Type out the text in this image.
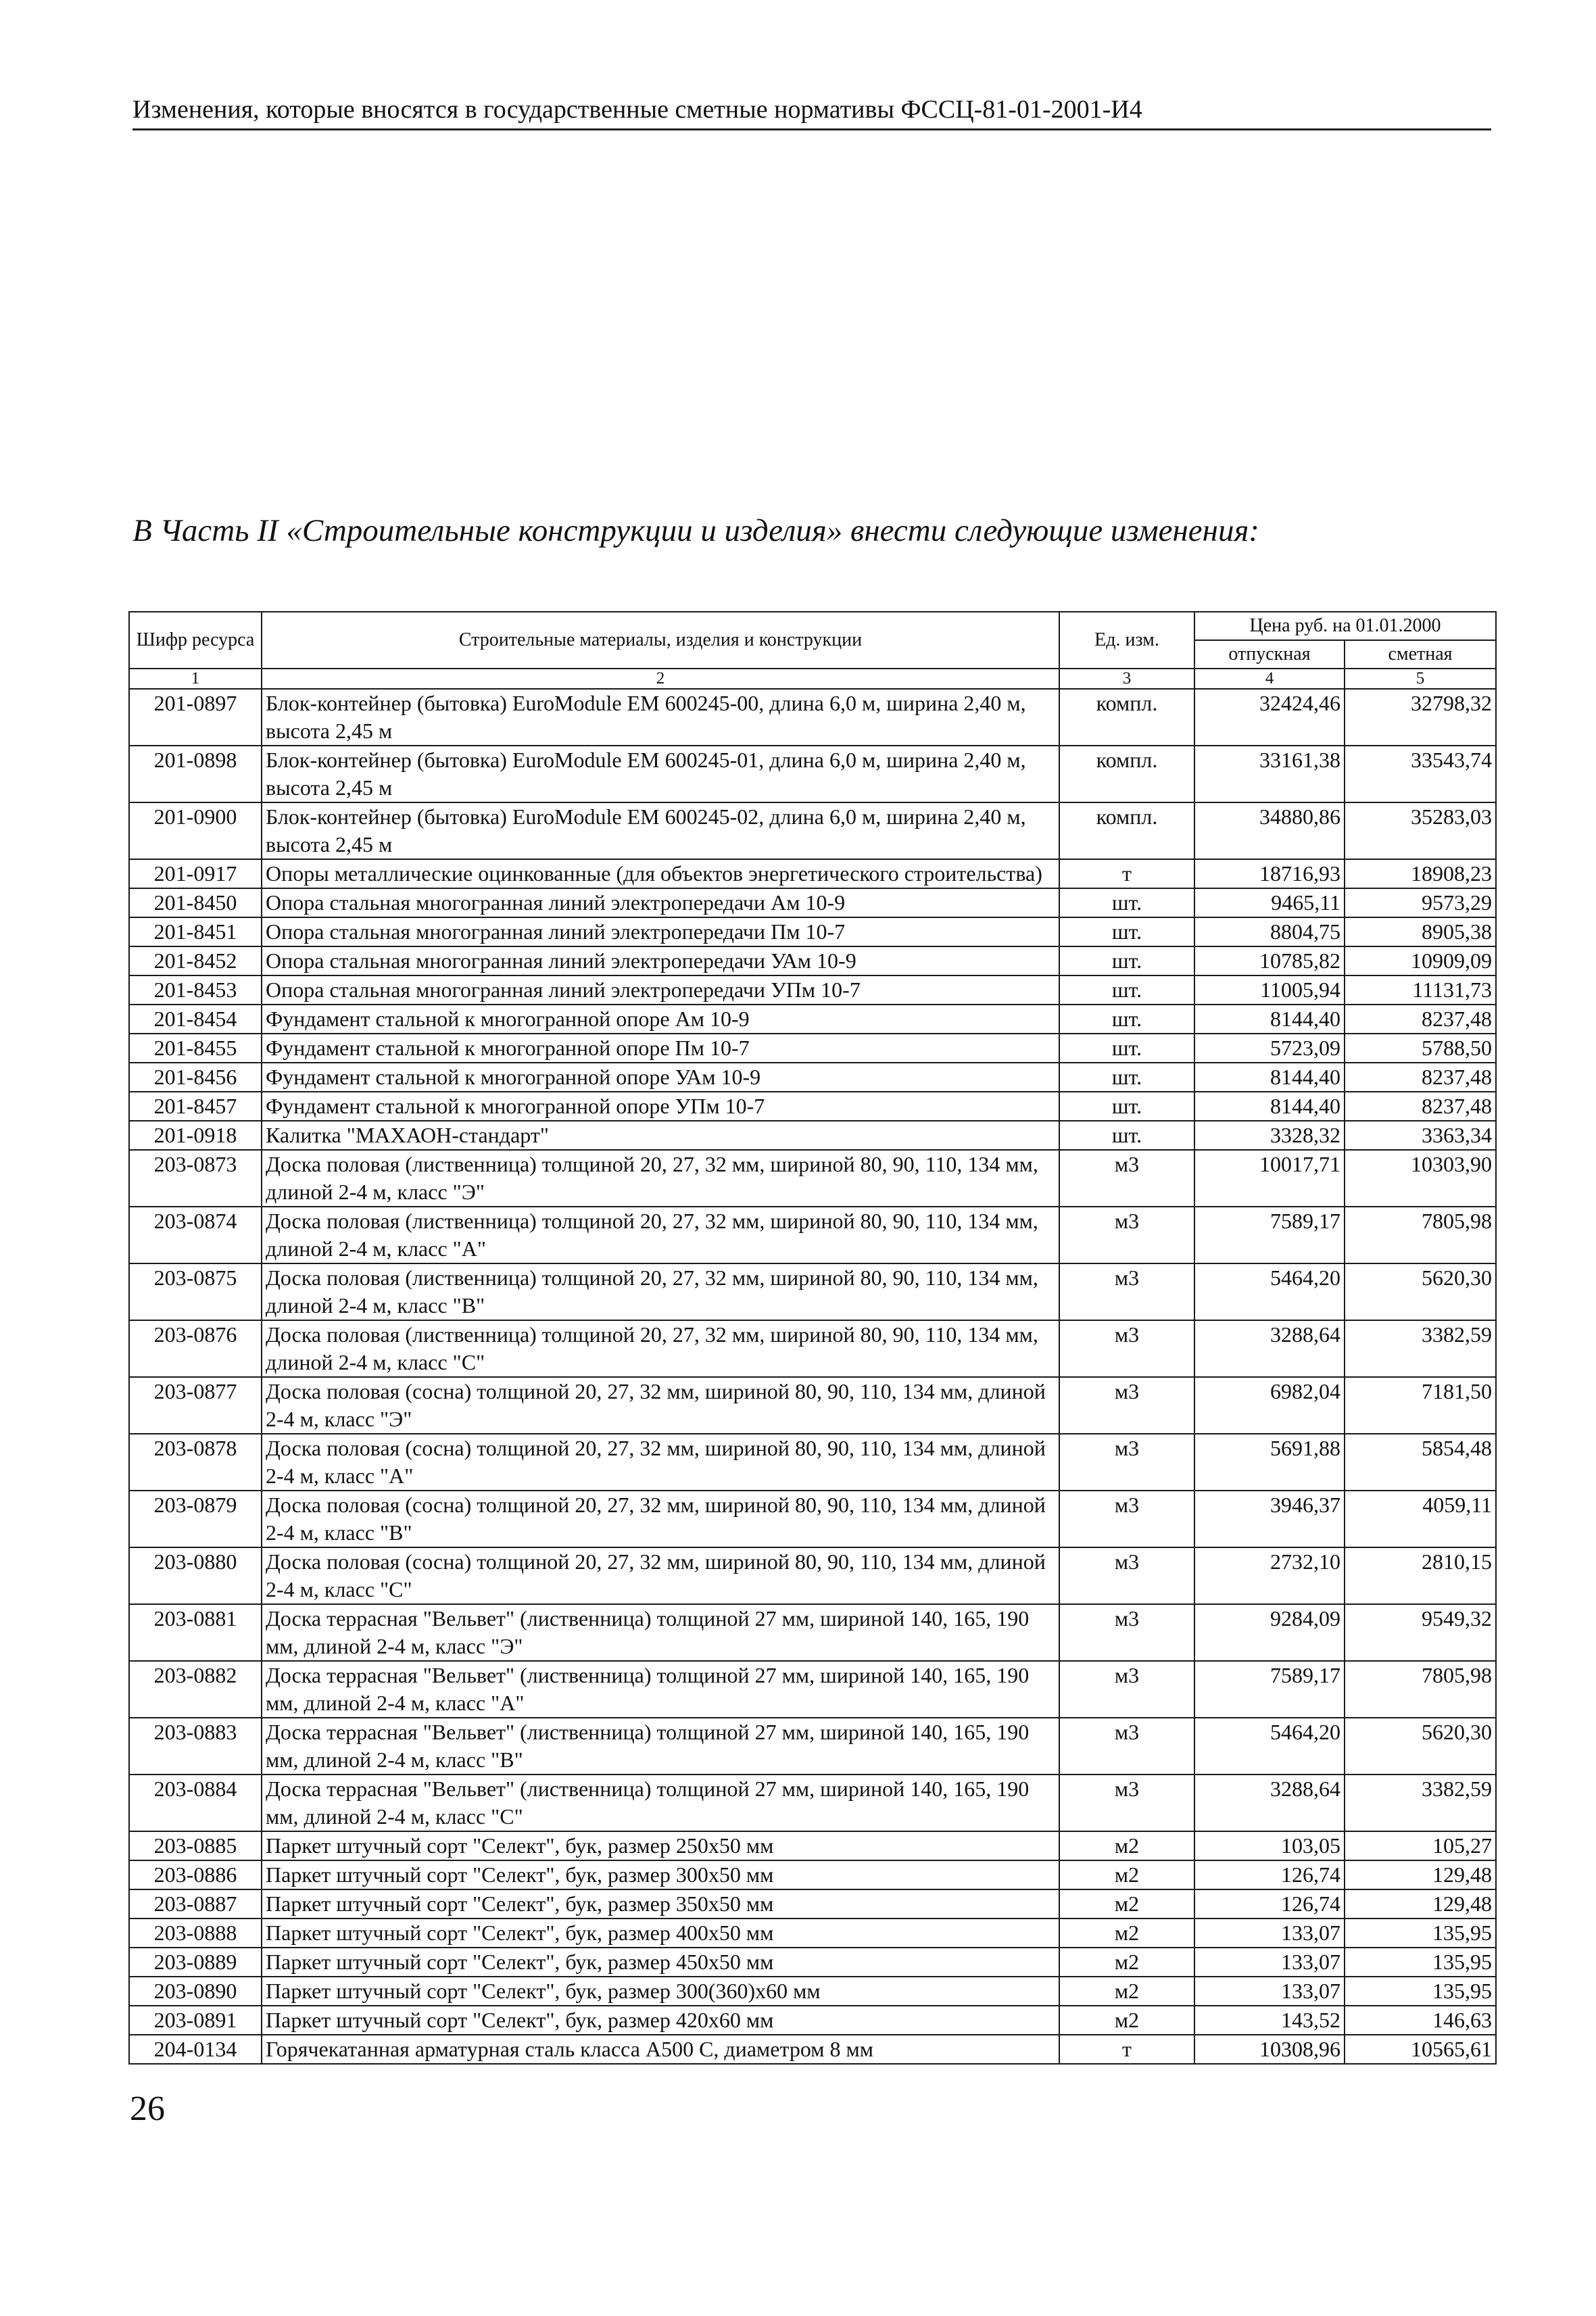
Изменения, которые вносятся в государственные сметные нормативы ФССЦ-81-01-2001-И4
В Часть II «Строительные конструкции и изделия» внести следующие изменения:
Шифр ресурса	Строительные материалы, изделия и конструкции	Ед. изм.	Цена руб. на 01.01.2000	
			отпускная	сметная
1	2	3	4	5
201-0897	Блок-контейнер (бытовка) EuroModule EM 600245-00, длина 6,0 м, ширина 2,40 м, высота 2,45 м	компл.	32424,46	32798,32
201-0898	Блок-контейнер (бытовка) EuroModule EM 600245-01, длина 6,0 м, ширина 2,40 м, высота 2,45 м	компл.	33161,38	33543,74
201-0900	Блок-контейнер (бытовка) EuroModule EM 600245-02, длина 6,0 м, ширина 2,40 м, высота 2,45 м	компл.	34880,86	35283,03
201-0917	Опоры металлические оцинкованные (для объектов энергетического строительства)	т	18716,93	18908,23
201-8450	Опора стальная многогранная линий электропередачи Ам 10-9	шт.	9465,11	9573,29
201-8451	Опора стальная многогранная линий электропередачи Пм 10-7	шт.	8804,75	8905,38
201-8452	Опора стальная многогранная линий электропередачи УАм 10-9	шт.	10785,82	10909,09
201-8453	Опора стальная многогранная линий электропередачи УПм 10-7	шт.	11005,94	11131,73
201-8454	Фундамент стальной к многогранной опоре Ам 10-9	шт.	8144,40	8237,48
201-8455	Фундамент стальной к многогранной опоре Пм 10-7	шт.	5723,09	5788,50
201-8456	Фундамент стальной к многогранной опоре УАм 10-9	шт.	8144,40	8237,48
201-8457	Фундамент стальной к многогранной опоре УПм 10-7	шт.	8144,40	8237,48
201-0918	Калитка "МАХАОН-стандарт"	шт.	3328,32	3363,34
203-0873	Доска половая (лиственница) толщиной 20, 27, 32 мм, шириной 80, 90, 110, 134 мм, длиной 2-4 м, класс "Э"	м3	10017,71	10303,90
203-0874	Доска половая (лиственница) толщиной 20, 27, 32 мм, шириной 80, 90, 110, 134 мм, длиной 2-4 м, класс "А"	м3	7589,17	7805,98
203-0875	Доска половая (лиственница) толщиной 20, 27, 32 мм, шириной 80, 90, 110, 134 мм, длиной 2-4 м, класс "В"	м3	5464,20	5620,30
203-0876	Доска половая (лиственница) толщиной 20, 27, 32 мм, шириной 80, 90, 110, 134 мм, длиной 2-4 м, класс "С"	м3	3288,64	3382,59
203-0877	Доска половая (сосна) толщиной 20, 27, 32 мм, шириной 80, 90, 110, 134 мм, длиной 2-4 м, класс "Э"	м3	6982,04	7181,50
203-0878	Доска половая (сосна) толщиной 20, 27, 32 мм, шириной 80, 90, 110, 134 мм, длиной 2-4 м, класс "А"	м3	5691,88	5854,48
203-0879	Доска половая (сосна) толщиной 20, 27, 32 мм, шириной 80, 90, 110, 134 мм, длиной 2-4 м, класс "В"	м3	3946,37	4059,11
203-0880	Доска половая (сосна) толщиной 20, 27, 32 мм, шириной 80, 90, 110, 134 мм, длиной 2-4 м, класс "С"	м3	2732,10	2810,15
203-0881	Доска террасная "Вельвет" (лиственница) толщиной 27 мм, шириной 140, 165, 190 мм, длиной 2-4 м, класс "Э"	м3	9284,09	9549,32
203-0882	Доска террасная "Вельвет" (лиственница) толщиной 27 мм, шириной 140, 165, 190 мм, длиной 2-4 м, класс "А"	м3	7589,17	7805,98
203-0883	Доска террасная "Вельвет" (лиственница) толщиной 27 мм, шириной 140, 165, 190 мм, длиной 2-4 м, класс "В"	м3	5464,20	5620,30
203-0884	Доска террасная "Вельвет" (лиственница) толщиной 27 мм, шириной 140, 165, 190 мм, длиной 2-4 м, класс "С"	м3	3288,64	3382,59
203-0885	Паркет штучный сорт "Селект", бук, размер 250х50 мм	м2	103,05	105,27
203-0886	Паркет штучный сорт "Селект", бук, размер 300х50 мм	м2	126,74	129,48
203-0887	Паркет штучный сорт "Селект", бук, размер 350х50 мм	м2	126,74	129,48
203-0888	Паркет штучный сорт "Селект", бук, размер 400х50 мм	м2	133,07	135,95
203-0889	Паркет штучный сорт "Селект", бук, размер 450х50 мм	м2	133,07	135,95
203-0890	Паркет штучный сорт "Селект", бук, размер 300(360)х60 мм	м2	133,07	135,95
203-0891	Паркет штучный сорт "Селект", бук, размер 420х60 мм	м2	143,52	146,63
204-0134	Горячекатанная арматурная сталь класса А500 С, диаметром 8 мм	т	10308,96	10565,61
26
